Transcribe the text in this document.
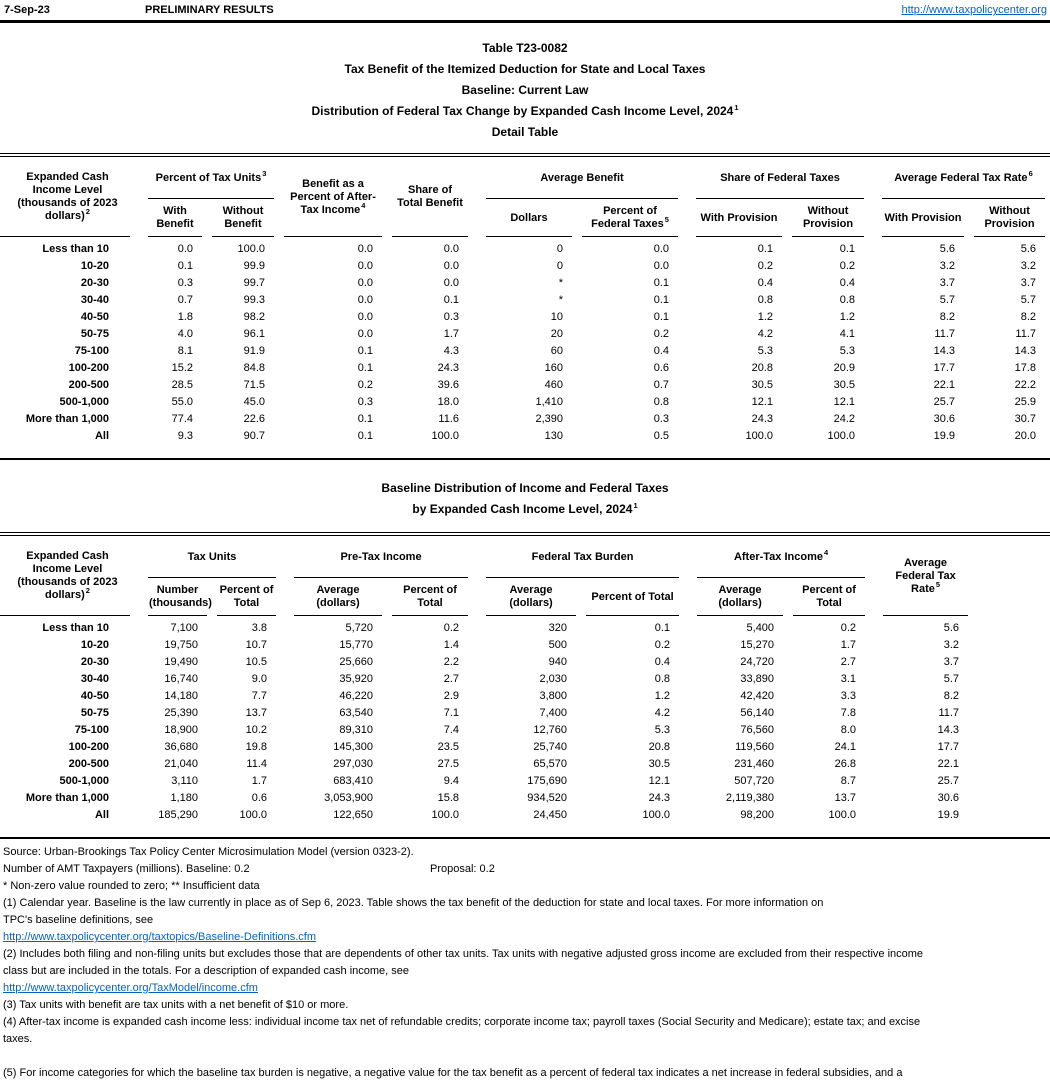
7-Sep-23	PRELIMINARY RESULTS	http://www.taxpolicycenter.org
Table T23-0082
Tax Benefit of the Itemized Deduction for State and Local Taxes
Baseline: Current Law
Distribution of Federal Tax Change by Expanded Cash Income Level, 2024$^1$
Detail Table
Expanded Cash Income Level (thousands of 2023 dollars)$^2$		Percent of Tax Units$^3$		Benefit as a Percent of After-Tax Income$^4$	Share of Total Benefit		Average Benefit			Share of Federal Taxes			Average Federal Tax Rate$^6$
		With Benefit	Without Benefit				Dollars	Percent of Federal Taxes$^5$		With Provision	Without Provision		With Provision	Without Provision
Less than 10		0.0	100.0	0.0	0.0		0	0.0		0.1	0.1		5.6	5.6
10-20		0.1	99.9	0.0	0.0		0	0.0		0.2	0.2		3.2	3.2
20-30		0.3	99.7	0.0	0.0		*	0.1		0.4	0.4		3.7	3.7
30-40		0.7	99.3	0.0	0.1		*	0.1		0.8	0.8		5.7	5.7
40-50		1.8	98.2	0.0	0.3		10	0.1		1.2	1.2		8.2	8.2
50-75		4.0	96.1	0.0	1.7		20	0.2		4.2	4.1		11.7	11.7
75-100		8.1	91.9	0.1	4.3		60	0.4		5.3	5.3		14.3	14.3
100-200		15.2	84.8	0.1	24.3		160	0.6		20.8	20.9		17.7	17.8
200-500		28.5	71.5	0.2	39.6		460	0.7		30.5	30.5		22.1	22.2
500-1,000		55.0	45.0	0.3	18.0		1,410	0.8		12.1	12.1		25.7	25.9
More than 1,000		77.4	22.6	0.1	11.6		2,390	0.3		24.3	24.2		30.6	30.7
All		9.3	90.7	0.1	100.0		130	0.5		100.0	100.0		19.9	20.0
Baseline Distribution of Income and Federal Taxes
by Expanded Cash Income Level, 2024$^1$
Expanded Cash Income Level (thousands of 2023 dollars)$^2$		Tax Units			Pre-Tax Income			Federal Tax Burden			After-Tax Income$^4$			Average Federal Tax Rate$^5$	
		Number (thousands)	Percent of Total		Average (dollars)	Percent of Total		Average (dollars)	Percent of Total		Average (dollars)	Percent of Total			
Less than 10		7,100	3.8		5,720	0.2		320	0.1		5,400	0.2		5.6	
10-20		19,750	10.7		15,770	1.4		500	0.2		15,270	1.7		3.2	
20-30		19,490	10.5		25,660	2.2		940	0.4		24,720	2.7		3.7	
30-40		16,740	9.0		35,920	2.7		2,030	0.8		33,890	3.1		5.7	
40-50		14,180	7.7		46,220	2.9		3,800	1.2		42,420	3.3		8.2	
50-75		25,390	13.7		63,540	7.1		7,400	4.2		56,140	7.8		11.7	
75-100		18,900	10.2		89,310	7.4		12,760	5.3		76,560	8.0		14.3	
100-200		36,680	19.8		145,300	23.5		25,740	20.8		119,560	24.1		17.7	
200-500		21,040	11.4		297,030	27.5		65,570	30.5		231,460	26.8		22.1	
500-1,000		3,110	1.7		683,410	9.4		175,690	12.1		507,720	8.7		25.7	
More than 1,000		1,180	0.6		3,053,900	15.8		934,520	24.3		2,119,380	13.7		30.6	
All		185,290	100.0		122,650	100.0		24,450	100.0		98,200	100.0		19.9	
Source: Urban-Brookings Tax Policy Center Microsimulation Model (version 0323-2).
Number of AMT Taxpayers (millions). Baseline: 0.2	Proposal: 0.2
* Non-zero value rounded to zero; ** Insufficient data
(1) Calendar year. Baseline is the law currently in place as of Sep 6, 2023. Table shows the tax benefit of the deduction for state and local taxes. For more information on
TPC's baseline definitions, see
http://www.taxpolicycenter.org/taxtopics/Baseline-Definitions.cfm
(2) Includes both filing and non-filing units but excludes those that are dependents of other tax units. Tax units with negative adjusted gross income are excluded from their respective income
class but are included in the totals. For a description of expanded cash income, see
http://www.taxpolicycenter.org/TaxModel/income.cfm
(3) Tax units with benefit are tax units with a net benefit of $10 or more.
(4) After-tax income is expanded cash income less: individual income tax net of refundable credits; corporate income tax; payroll taxes (Social Security and Medicare); estate tax; and excise
taxes.
(5) For income categories for which the baseline tax burden is negative, a negative value for the tax benefit as a percent of federal tax indicates a net increase in federal subsidies, and a
